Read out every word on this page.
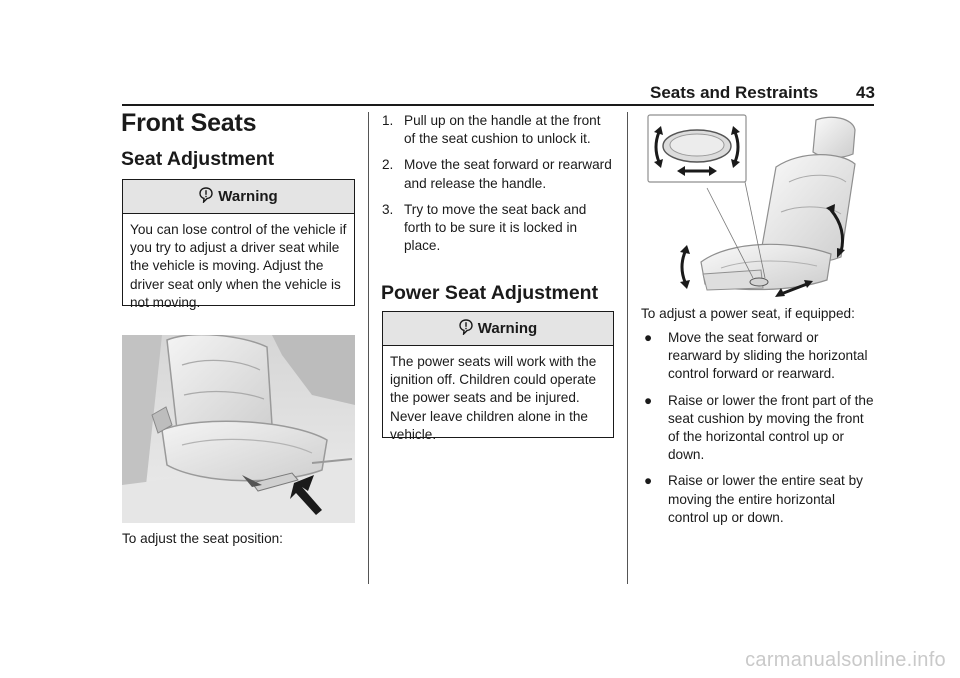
Seats and Restraints 43
Front Seats
Seat Adjustment
Warning

You can lose control of the vehicle if you try to adjust a driver seat while the vehicle is moving. Adjust the driver seat only when the vehicle is not moving.

To adjust the seat position:
1. Pull up on the handle at the front of the seat cushion to unlock it.
2. Move the seat forward or rearward and release the handle.
3. Try to move the seat back and forth to be sure it is locked in place.
Power Seat Adjustment
Warning

The power seats will work with the ignition off. Children could operate the power seats and be injured. Never leave children alone in the vehicle.

To adjust a power seat, if equipped:
●	Move the seat forward or rearward by sliding the horizontal control forward or rearward.
●	Raise or lower the front part of the seat cushion by moving the front of the horizontal control up or down.
●	Raise or lower the entire seat by moving the entire horizontal control up or down.
carmanualsonline.info
